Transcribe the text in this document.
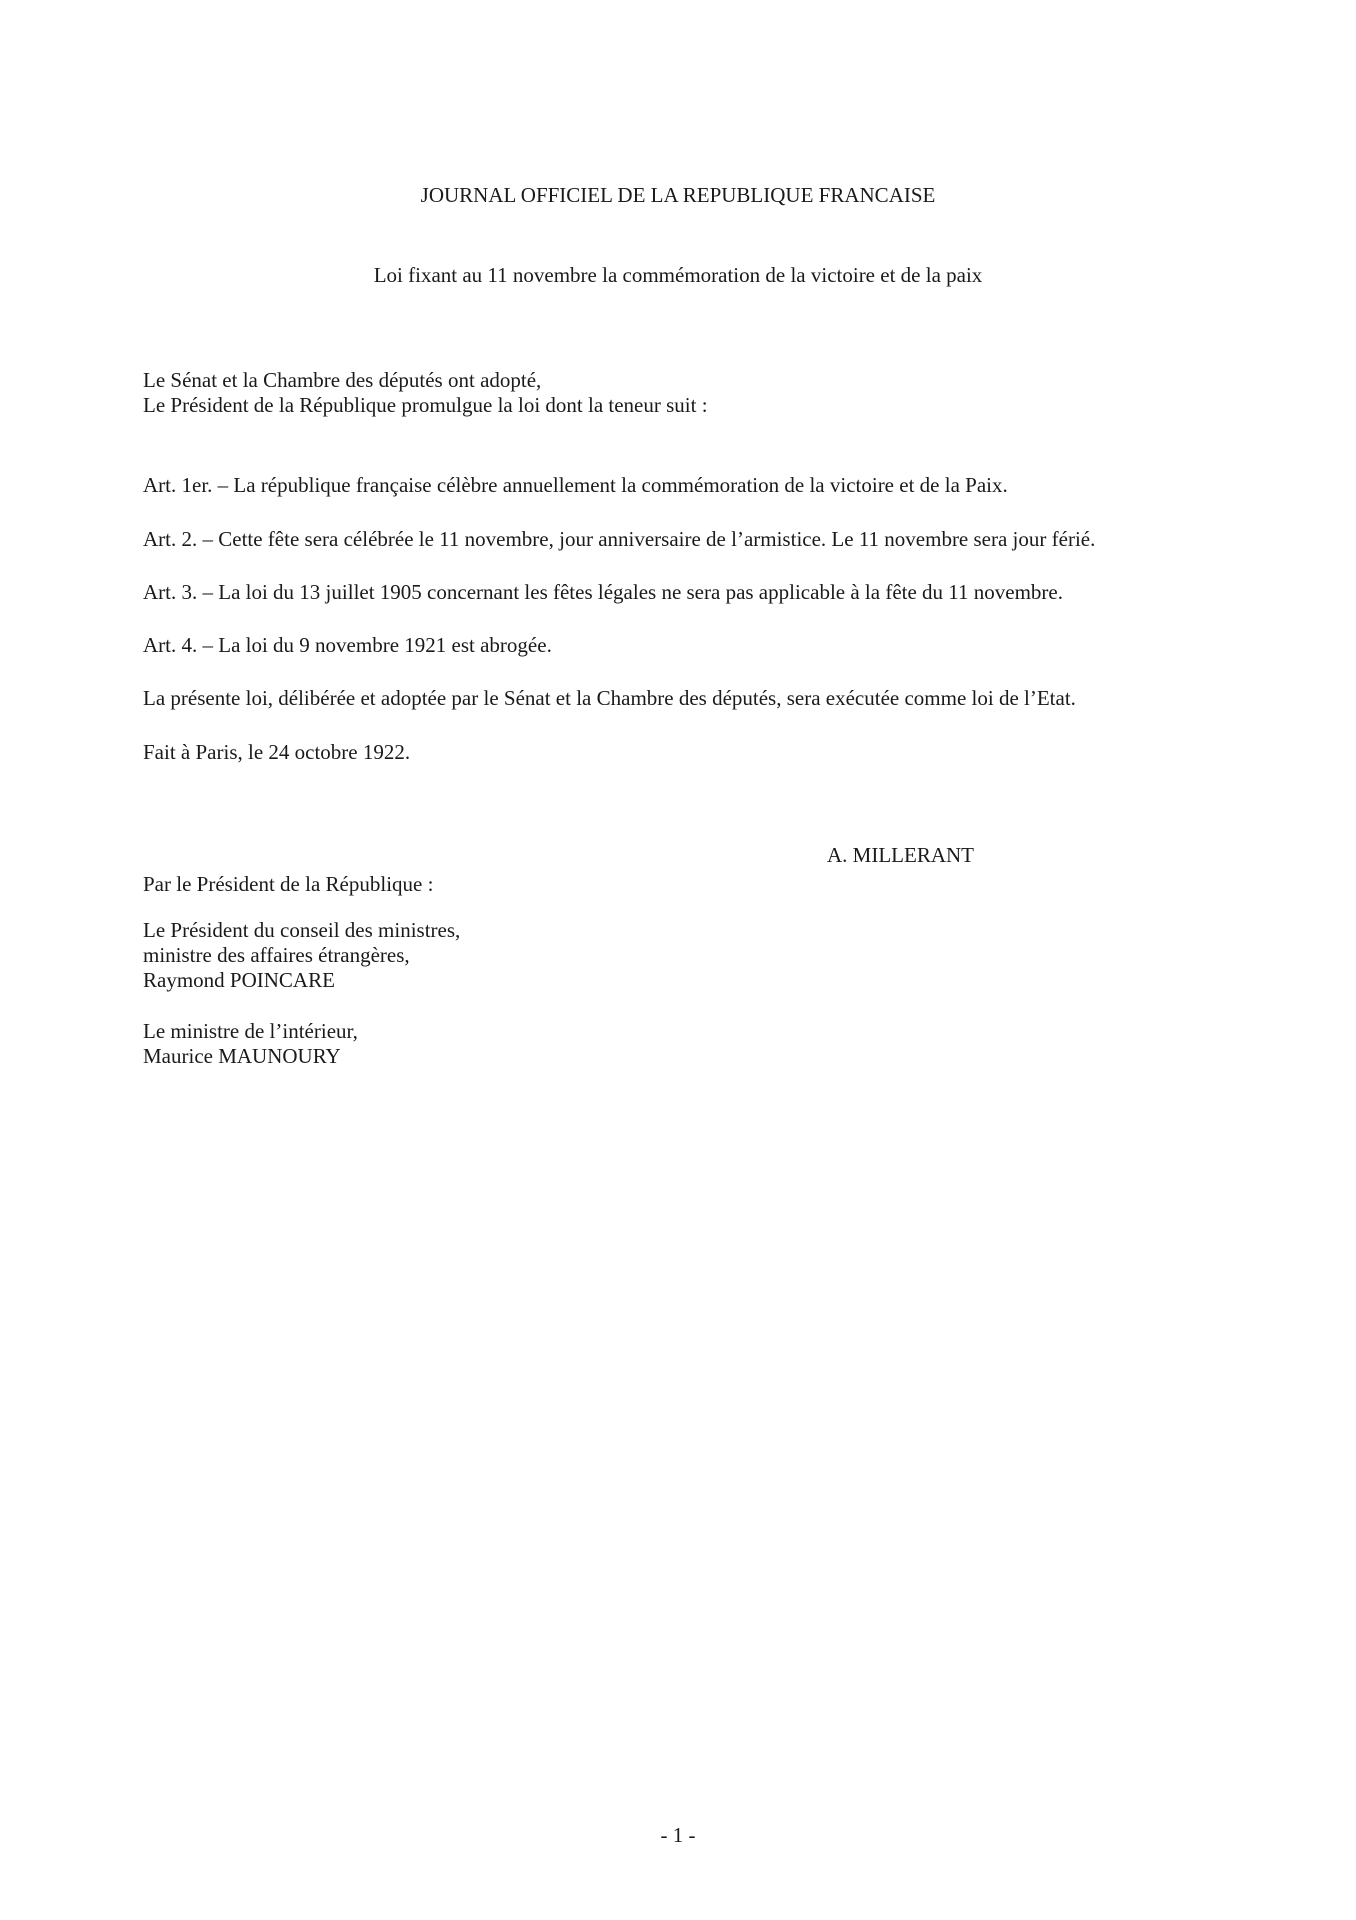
JOURNAL OFFICIEL DE LA REPUBLIQUE FRANCAISE
Loi fixant au 11 novembre la commémoration de la victoire et de la paix
Le Sénat et la Chambre des députés ont adopté,
Le Président de la République promulgue la loi dont la teneur suit :
Art. 1er. – La république française célèbre annuellement la commémoration de la victoire et de la Paix.
Art. 2. – Cette fête sera célébrée le 11 novembre, jour anniversaire de l’armistice. Le 11 novembre sera jour férié.
Art. 3. – La loi du 13 juillet 1905 concernant les fêtes légales ne sera pas applicable à la fête du 11 novembre.
Art. 4. – La loi du 9 novembre 1921 est abrogée.
La présente loi, délibérée et adoptée par le Sénat et la Chambre des députés, sera exécutée comme loi de l’Etat.
Fait à Paris, le 24 octobre 1922.
A. MILLERANT
Par le Président de la République :
Le Président du conseil des ministres,
ministre des affaires étrangères,
Raymond POINCARE
Le ministre de l’intérieur,
Maurice MAUNOURY
- 1 -
